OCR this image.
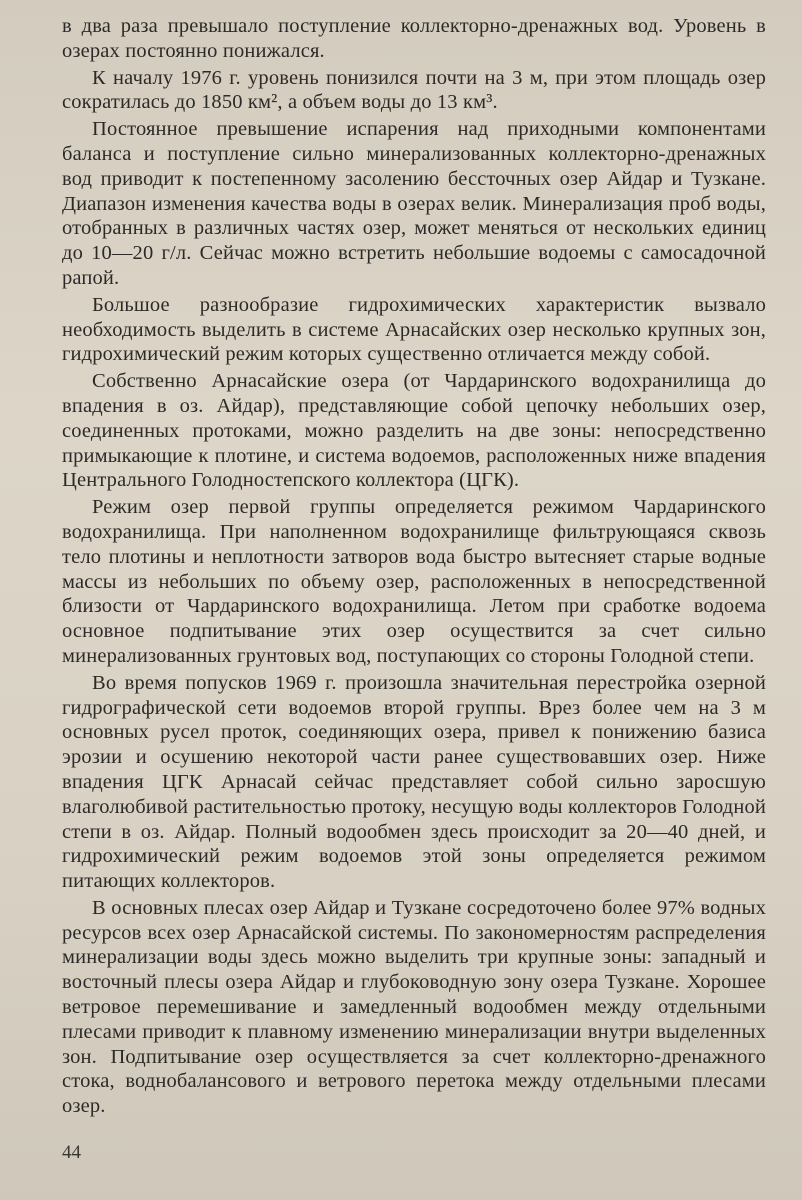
в два раза превышало поступление коллекторно-дренажных вод. Уровень в озерах постоянно понижался.

К началу 1976 г. уровень понизился почти на 3 м, при этом площадь озер сократилась до 1850 км², а объем воды до 13 км³.

Постоянное превышение испарения над приходными компонентами баланса и поступление сильно минерализованных коллекторно-дренажных вод приводит к постепенному засолению бессточных озер Айдар и Тузкане. Диапазон изменения качества воды в озерах велик. Минерализация проб воды, отобранных в различных частях озер, может меняться от нескольких единиц до 10—20 г/л. Сейчас можно встретить небольшие водоемы с самосадочной рапой.

Большое разнообразие гидрохимических характеристик вызвало необходимость выделить в системе Арнасайских озер несколько крупных зон, гидрохимический режим которых существенно отличается между собой.

Собственно Арнасайские озера (от Чардаринского водохранилища до впадения в оз. Айдар), представляющие собой цепочку небольших озер, соединенных протоками, можно разделить на две зоны: непосредственно примыкающие к плотине, и система водоемов, расположенных ниже впадения Центрального Голодностепского коллектора (ЦГК).

Режим озер первой группы определяется режимом Чардаринского водохранилища. При наполненном водохранилище фильтрующаяся сквозь тело плотины и неплотности затворов вода быстро вытесняет старые водные массы из небольших по объему озер, расположенных в непосредственной близости от Чардаринского водохранилища. Летом при сработке водоема основное подпитывание этих озер осуществится за счет сильно минерализованных грунтовых вод, поступающих со стороны Голодной степи.

Во время попусков 1969 г. произошла значительная перестройка озерной гидрографической сети водоемов второй группы. Врез более чем на 3 м основных русел проток, соединяющих озера, привел к понижению базиса эрозии и осушению некоторой части ранее существовавших озер. Ниже впадения ЦГК Арнасай сейчас представляет собой сильно заросшую влаголюбивой растительностью протоку, несущую воды коллекторов Голодной степи в оз. Айдар. Полный водообмен здесь происходит за 20—40 дней, и гидрохимический режим водоемов этой зоны определяется режимом питающих коллекторов.

В основных плесах озер Айдар и Тузкане сосредоточено более 97% водных ресурсов всех озер Арнасайской системы. По закономерностям распределения минерализации воды здесь можно выделить три крупные зоны: западный и восточный плесы озера Айдар и глубоководную зону озера Тузкане. Хорошее ветровое перемешивание и замедленный водообмен между отдельными плесами приводит к плавному изменению минерализации внутри выделенных зон. Подпитывание озер осуществляется за счет коллекторно-дренажного стока, воднобалансового и ветрового перетока между отдельными плесами озер.

44
